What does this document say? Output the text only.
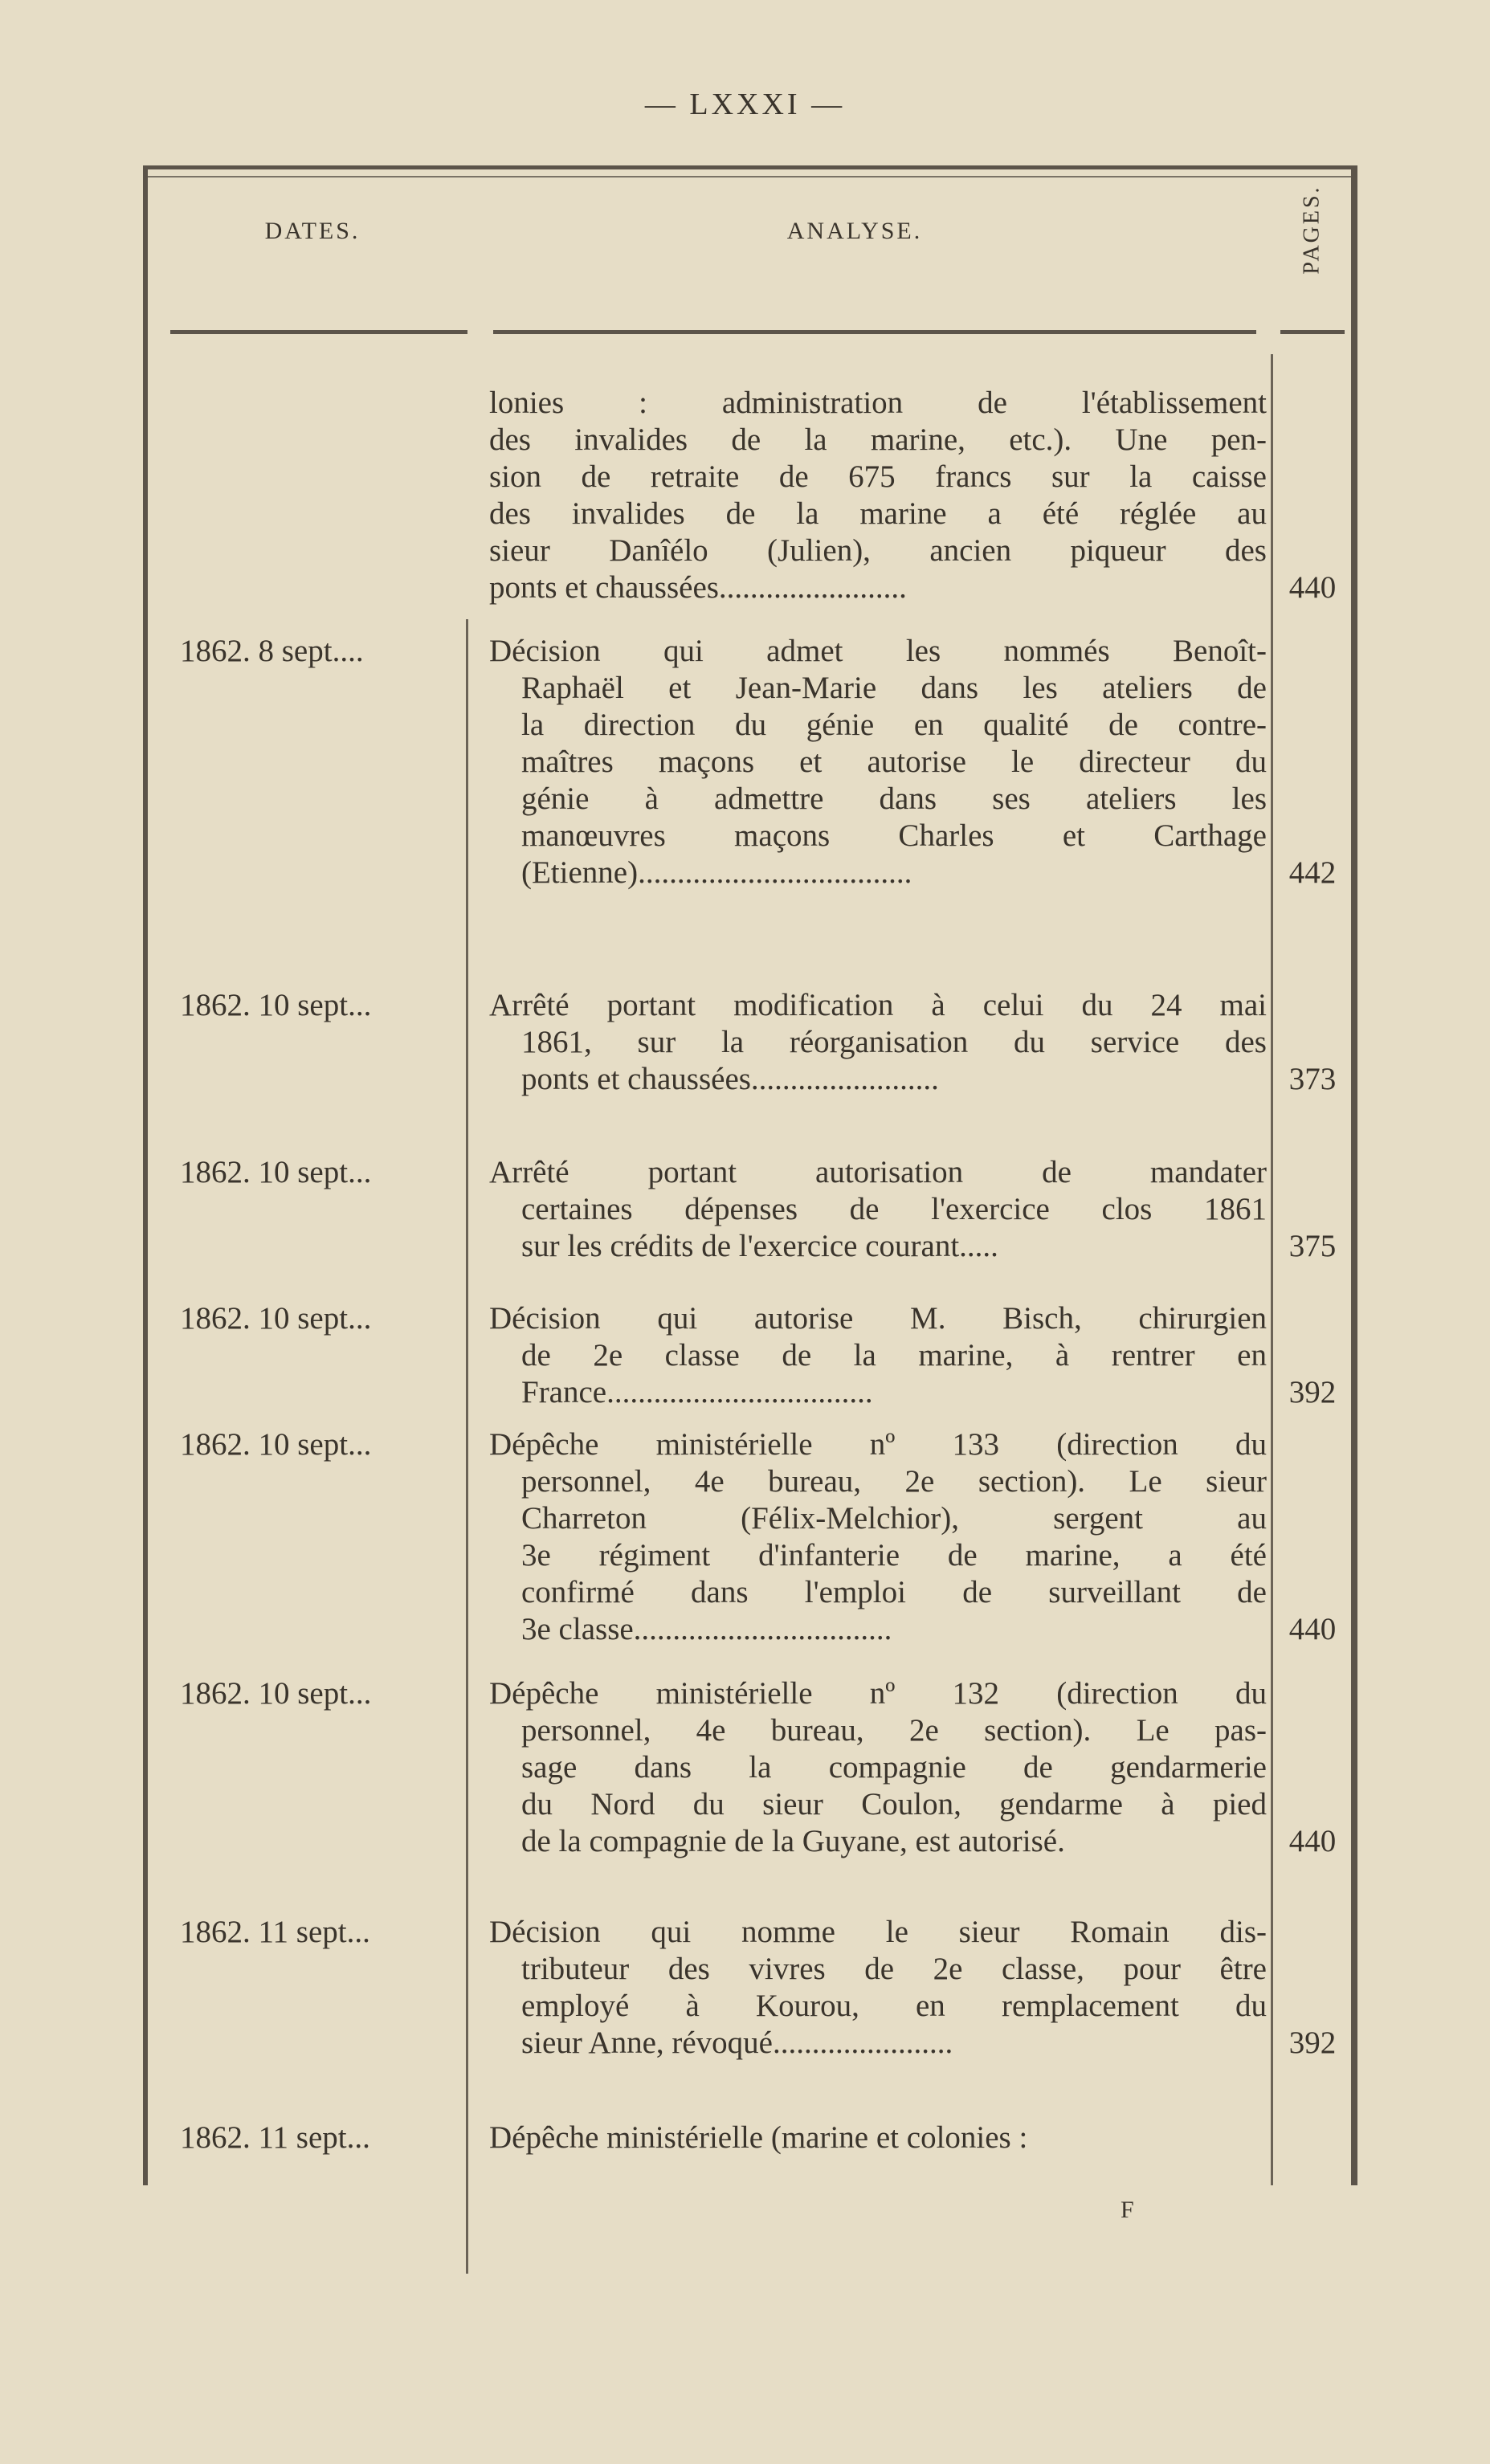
— LXXXI —
DATES.	ANALYSE.	PAGES.
lonies : administration de l'établissement
des invalides de la marine, etc.). Une pen-
sion de retraite de 675 francs sur la caisse
des invalides de la marine a été réglée au
sieur Danîélo (Julien), ancien piqueur des
ponts et chaussées........................	440
1862. 8 sept....	Décision qui admet les nommés Benoît-
Raphaël et Jean-Marie dans les ateliers de
la direction du génie en qualité de contre-
maîtres maçons et autorise le directeur du
génie à admettre dans ses ateliers les
manœuvres maçons Charles et Carthage
(Etienne)...................................	442
1862. 10 sept...	Arrêté portant modification à celui du 24 mai
1861, sur la réorganisation du service des
ponts et chaussées........................	373
1862. 10 sept...	Arrêté portant autorisation de mandater
certaines dépenses de l'exercice clos 1861
sur les crédits de l'exercice courant.....	375
1862. 10 sept...	Décision qui autorise M. Bisch, chirurgien
de 2e classe de la marine, à rentrer en
France..................................	392
1862. 10 sept...	Dépêche ministérielle nº 133 (direction du
personnel, 4e bureau, 2e section). Le sieur
Charreton (Félix-Melchior), sergent au
3e régiment d'infanterie de marine, a été
confirmé dans l'emploi de surveillant de
3e classe.................................	440
1862. 10 sept...	Dépêche ministérielle nº 132 (direction du
personnel, 4e bureau, 2e section). Le pas-
sage dans la compagnie de gendarmerie
du Nord du sieur Coulon, gendarme à pied
de la compagnie de la Guyane, est autorisé.	440
1862. 11 sept...	Décision qui nomme le sieur Romain dis-
tributeur des vivres de 2e classe, pour être
employé à Kourou, en remplacement du
sieur Anne, révoqué.......................	392
1862. 11 sept...	Dépêche ministérielle (marine et colonies :
F
